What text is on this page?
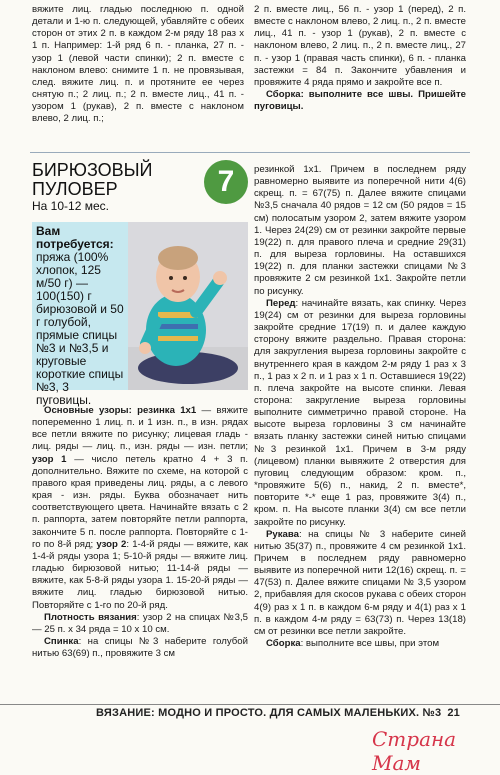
вяжите лиц. гладью последнюю п. одной детали и 1-ю п. следующей, убавляйте с обеих сторон от этих 2 п. в каждом 2-м ряду 18 раз х 1 п. Например: 1-й ряд 6 п. - планка, 27 п. - узор 1 (левой части спинки); 2 п. вместе с наклоном влево: снимите 1 п. не провязывая, след. вяжите лиц. п. и протяните ее через снятую п.; 2 лиц. п.; 2 п. вместе лиц., 41 п. - узором 1 (рукав), 2 п. вместе с наклоном влево, 2 лиц. п.;

2 п. вместе лиц., 56 п. - узор 1 (перед), 2 п. вместе с наклоном влево, 2 лиц. п., 2 п. вместе лиц., 41 п. - узор 1 (рукав), 2 п. вместе с наклоном влево, 2 лиц. п., 2 п. вместе лиц., 27 п. - узор 1 (правая часть спинки), 6 п. - планка застежки = 84 п. Закончите убавления и провяжите 4 ряда прямо и закройте все п.

Сборка: выполните все швы. Пришейте пуговицы.

БИРЮЗОВЫЙ ПУЛОВЕР
На 10-12 мес.
7
Вам потребуется:
пряжа (100% хлопок, 125 м/50 г) — 100(150) г бирюзовой и 50 г голубой, прямые спицы №3 и №3,5 и круговые короткие спицы №3, 3 пуговицы.

Основные узоры: резинка 1х1 — вяжите попеременно 1 лиц. п. и 1 изн. п., в изн. рядах все петли вяжите по рисунку; лицевая гладь - лиц. ряды — лиц. п., изн. ряды — изн. петли; узор 1 — число петель кратно 4 + 3 п. дополнительно. Вяжите по схеме, на которой с правого края приведены лиц. ряды, а с левого края - изн. ряды. Буква обозначает нить соответствующего цвета. Начинайте вязать с 2 п. раппорта, затем повторяйте петли раппорта, закончите 5 п. после раппорта. Повторяйте с 1-го по 8-й ряд; узор 2: 1-4-й ряды — вяжите, как 1-4-й ряды узора 1; 5-10-й ряды — вяжите лиц. гладью бирюзовой нитью; 11-14-й ряды — вяжите, как 5-8-й ряды узора 1. 15-20-й ряды — вяжите лиц. гладью бирюзовой нитью. Повторяйте с 1-го по 20-й ряд.

Плотность вязания: узор 2 на спицах №3,5 — 25 п. х 34 ряда = 10 х 10 см.

Спинка: на спицы №3 наберите голубой нитью 63(69) п., провяжите 3 см

резинкой 1х1. Причем в последнем ряду равномерно выявите из поперечной нити 4(6) скрещ. п. = 67(75) п. Далее вяжите спицами №3,5 сначала 40 рядов = 12 см (50 рядов = 15 см) полосатым узором 2, затем вяжите узором 1. Через 24(29) см от резинки закройте первые 19(22) п. для правого плеча и средние 29(31) п. для выреза горловины. На оставшихся 19(22) п. для планки застежки спицами №3 провяжите 2 см резинкой 1х1. Закройте петли по рисунку.

Перед: начинайте вязать, как спинку. Через 19(24) см от резинки для выреза горловины закройте средние 17(19) п. и далее каждую сторону вяжите раздельно. Правая сторона: для закругления выреза горловины закройте с внутреннего края в каждом 2-м ряду 1 раз х 3 п., 1 раз х 2 п. и 1 раз х 1 п. Оставшиеся 19(22) п. плеча закройте на высоте спинки. Левая сторона: закругление выреза горловины выполните симметрично правой стороне. На высоте выреза горловины 3 см начинайте вязать планку застежки синей нитью спицами №3 резинкой 1х1. Причем в 3-м ряду (лицевом) планки вывяжите 2 отверстия для пуговиц следующим образом: кром. п., *провяжите 5(6) п., накид, 2 п. вместе*, повторите *-* еще 1 раз, провяжите 3(4) п., кром. п. На высоте планки 3(4) см все петли закройте по рисунку.

Рукава: на спицы № 3 наберите синей нитью 35(37) п., провяжите 4 см резинкой 1х1. Причем в последнем ряду равномерно выявите из поперечной нити 12(16) скрещ. п. = 47(53) п. Далее вяжите спицами № 3,5 узором 2, прибавляя для скосов рукава с обеих сторон 4(9) раз х 1 п. в каждом 6-м ряду и 4(1) раз х 1 п. в каждом 4-м ряду = 63(73) п. Через 13(18) см от резинки все петли закройте.

Сборка: выполните все швы, при этом

ВЯЗАНИЕ: МОДНО И ПРОСТО. ДЛЯ САМЫХ МАЛЕНЬКИХ. №3 21
Страна Мам
